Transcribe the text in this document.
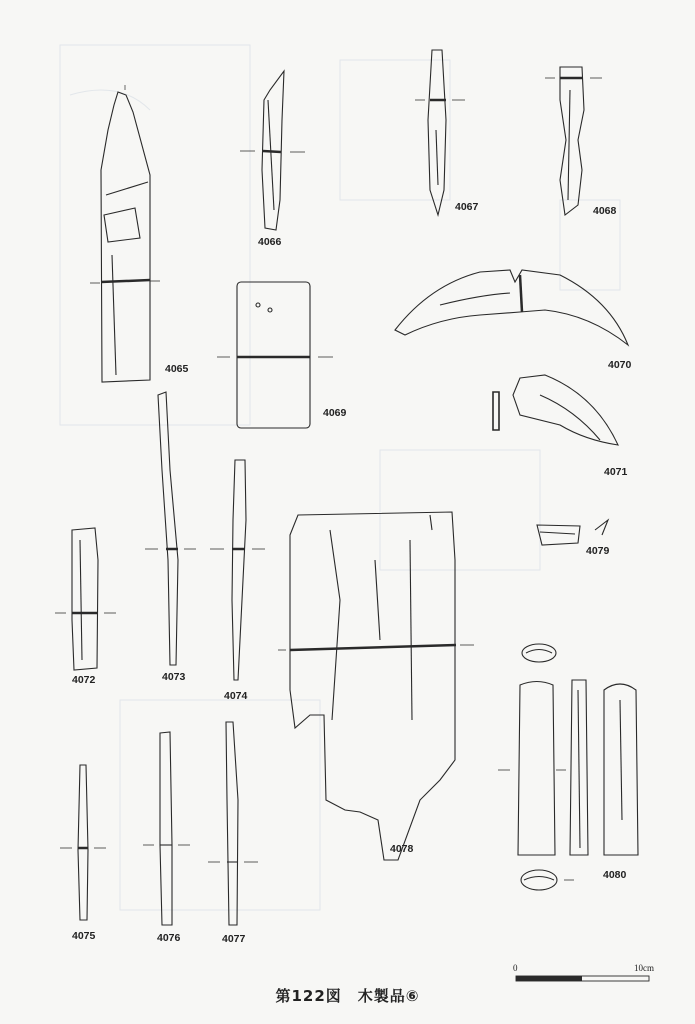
4065
4066
4067	4068
4069
4070
4071
4072	4073
4074
4075	4076	4077
4078
4079
4080
0	10cm
第122図　木製品⑥
